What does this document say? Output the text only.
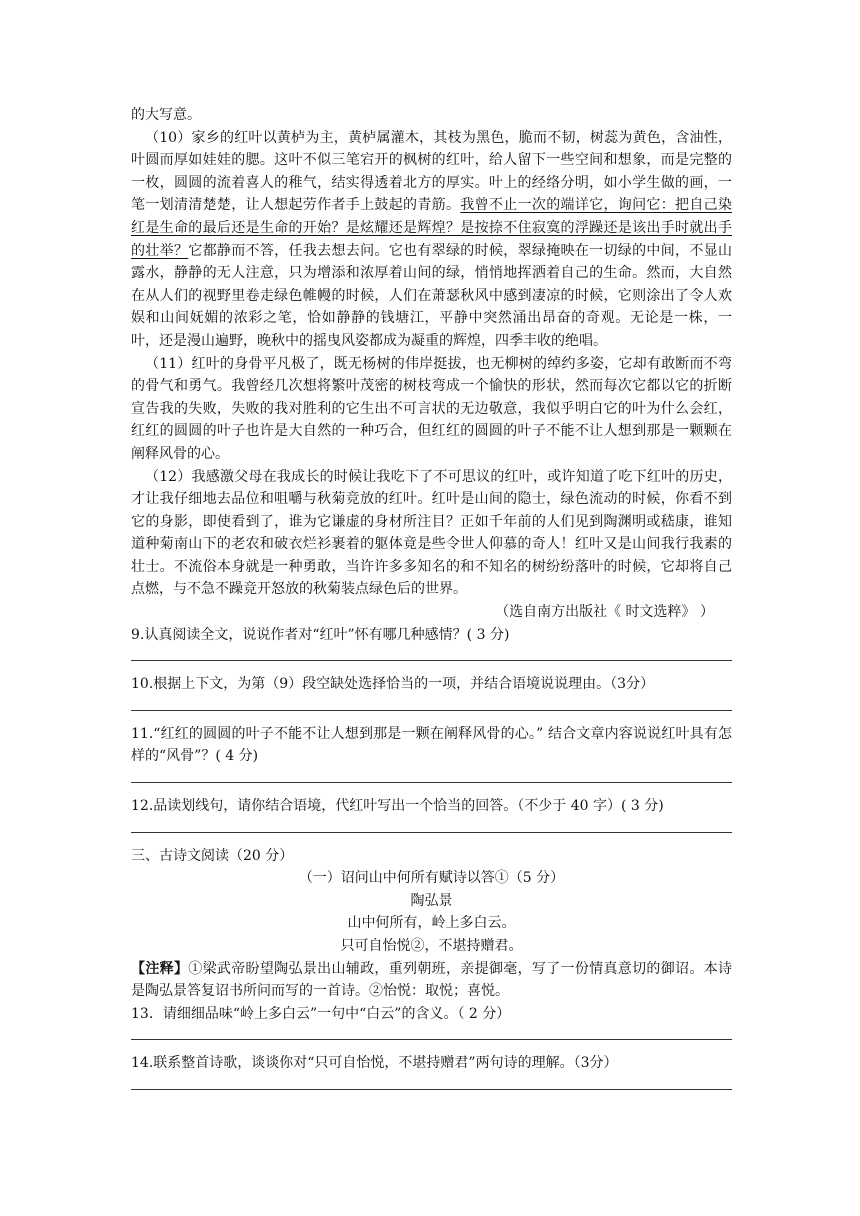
的大写意。

（10）家乡的红叶以黄栌为主，黄栌属灌木，其枝为黑色，脆而不韧，树蕊为黄色，含油性，叶圆而厚如娃娃的腮。这叶不似三笔宕开的枫树的红叶，给人留下一些空间和想象，而是完整的一枚，圆圆的流着喜人的稚气，结实得透着北方的厚实。叶上的经络分明，如小学生做的画，一笔一划清清楚楚，让人想起劳作者手上鼓起的青筋。我曾不止一次的端详它，询问它：把自己染红是生命的最后还是生命的开始？是炫耀还是辉煌？是按捺不住寂寞的浮躁还是该出手时就出手的壮举？它都静而不答，任我去想去问。它也有翠绿的时候，翠绿掩映在一切绿的中间，不显山露水，静静的无人注意，只为增添和浓厚着山间的绿，悄悄地挥洒着自己的生命。然而，大自然在从人们的视野里卷走绿色帷幔的时候，人们在萧瑟秋风中感到凄凉的时候，它则涂出了令人欢娱和山间妩媚的浓彩之笔，恰如静静的钱塘江，平静中突然涌出昂奋的奇观。无论是一株，一叶，还是漫山遍野，晚秋中的摇曳风姿都成为凝重的辉煌，四季丰收的绝唱。

（11）红叶的身骨平凡极了，既无杨树的伟岸挺拔，也无柳树的绰约多姿，它却有敢断而不弯的骨气和勇气。我曾经几次想将繁叶茂密的树枝弯成一个愉快的形状，然而每次它都以它的折断宣告我的失败，失败的我对胜利的它生出不可言状的无边敬意，我似乎明白它的叶为什么会红，红红的圆圆的叶子也许是大自然的一种巧合，但红红的圆圆的叶子不能不让人想到那是一颗颗在阐释风骨的心。

（12）我感激父母在我成长的时候让我吃下了不可思议的红叶，或许知道了吃下红叶的历史，才让我仔细地去品位和咀嚼与秋菊竞放的红叶。红叶是山间的隐士，绿色流动的时候，你看不到它的身影，即使看到了，谁为它谦虚的身材所注目？正如千年前的人们见到陶渊明或嵇康，谁知道种菊南山下的老农和破衣烂衫裹着的躯体竟是些令世人仰慕的奇人！红叶又是山间我行我素的壮士。不流俗本身就是一种勇敢，当许许多多知名的和不知名的树纷纷落叶的时候，它却将自己点燃，与不急不躁竞开怒放的秋菊装点绿色后的世界。

（选自南方出版社《 时文选粹》 ）

9.认真阅读全文，说说作者对“红叶”怀有哪几种感情？( 3 分)

10.根据上下文，为第（9）段空缺处选择恰当的一项，并结合语境说说理由。（3分）

11.“红红的圆圆的叶子不能不让人想到那是一颗在阐释风骨的心。” 结合文章内容说说红叶具有怎样的“风骨”？( 4 分)

12.品读划线句，请你结合语境，代红叶写出一个恰当的回答。（不少于 40 字）( 3 分)

三、古诗文阅读（20 分）

（一）诏问山中何所有赋诗以答①（5 分）

陶弘景

山中何所有，岭上多白云。

只可自怡悦②，不堪持赠君。

【注释】①梁武帝盼望陶弘景出山辅政，重列朝班，亲提御毫，写了一份情真意切的御诏。本诗是陶弘景答复诏书所问而写的一首诗。②怡悦：取悦；喜悦。

13．请细细品味“岭上多白云”一句中“白云”的含义。（ 2 分）

14.联系整首诗歌，谈谈你对“只可自怡悦，不堪持赠君”两句诗的理解。（3分）
